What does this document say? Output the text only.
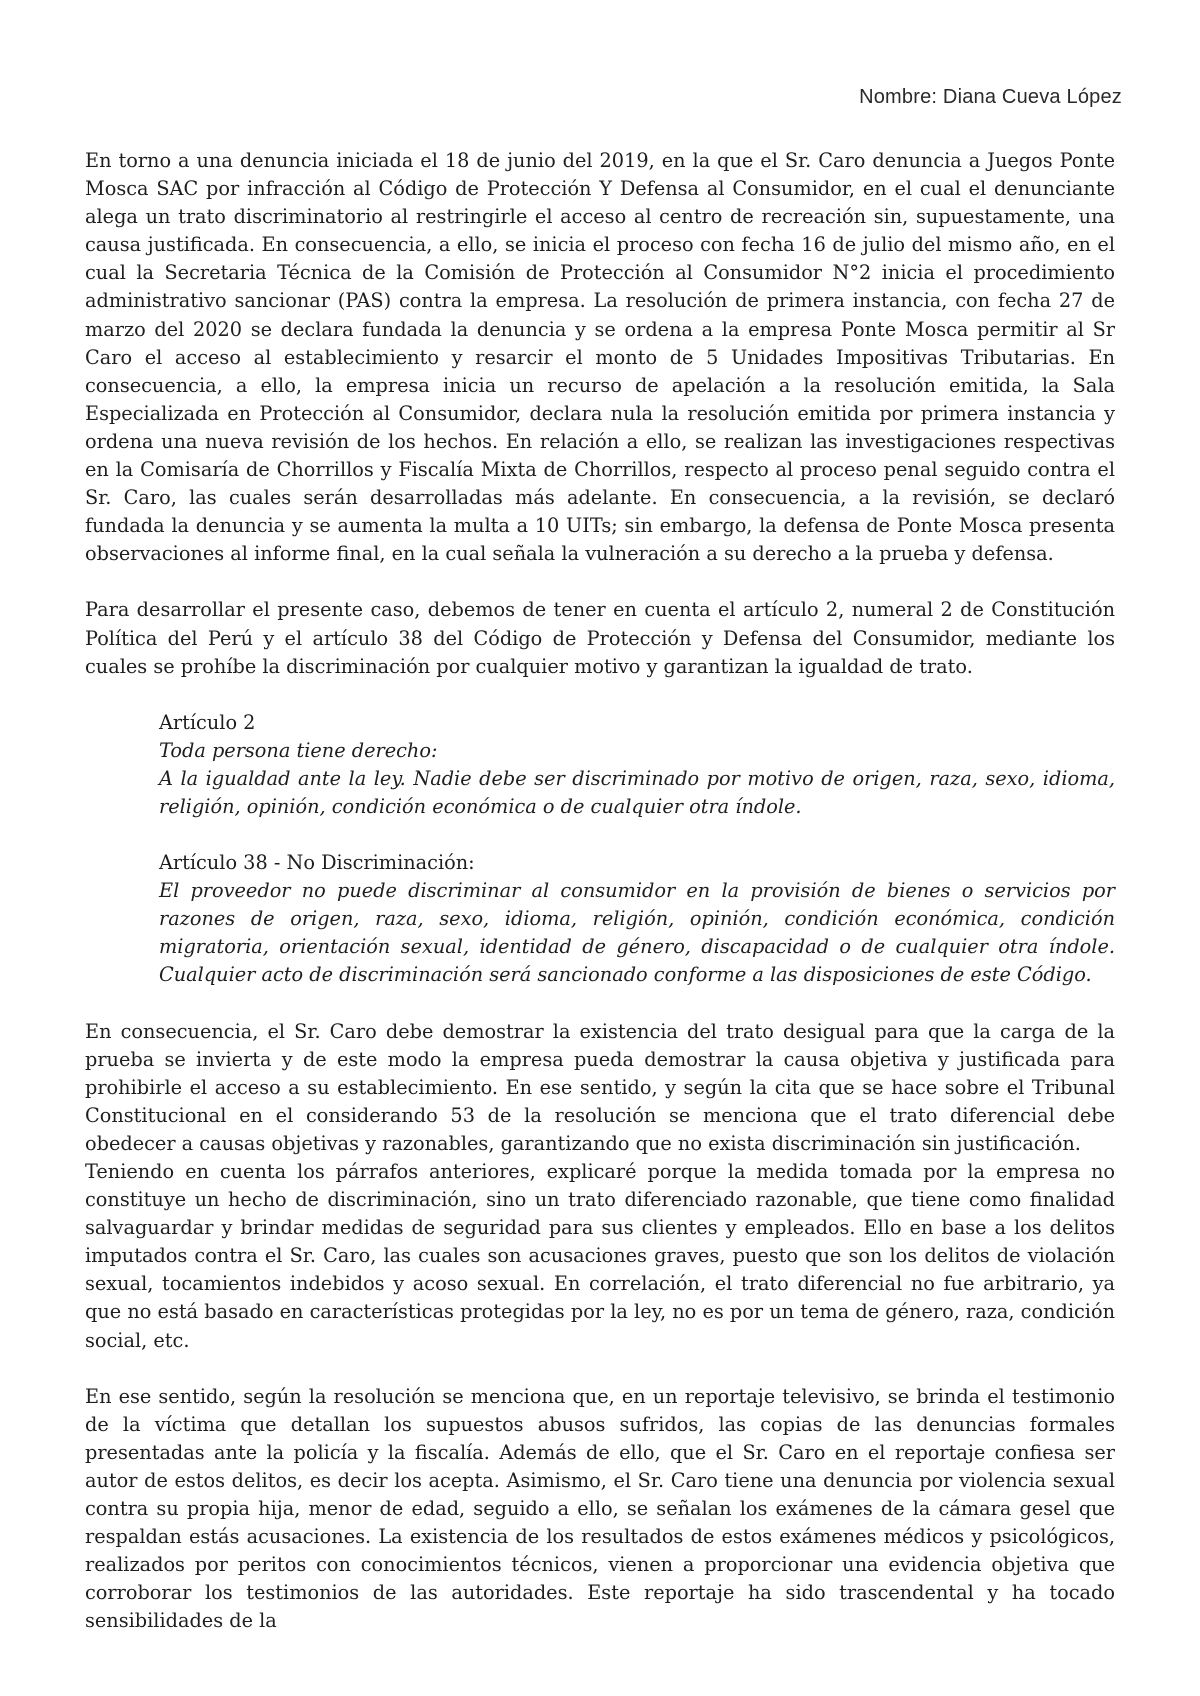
Nombre: Diana Cueva López

En torno a una denuncia iniciada el 18 de junio del 2019, en la que el Sr. Caro denuncia a Juegos Ponte Mosca SAC por infracción al Código de Protección Y Defensa al Consumidor, en el cual el denunciante alega un trato discriminatorio al restringirle el acceso al centro de recreación sin, supuestamente, una causa justificada. En consecuencia, a ello, se inicia el proceso con fecha 16 de julio del mismo año, en el cual la Secretaria Técnica de la Comisión de Protección al Consumidor N°2 inicia el procedimiento administrativo sancionar (PAS) contra la empresa. La resolución de primera instancia, con fecha 27 de marzo del 2020 se declara fundada la denuncia y se ordena a la empresa Ponte Mosca permitir al Sr Caro el acceso al establecimiento y resarcir el monto de 5 Unidades Impositivas Tributarias. En consecuencia, a ello, la empresa inicia un recurso de apelación a la resolución emitida, la Sala Especializada en Protección al Consumidor, declara nula la resolución emitida por primera instancia y ordena una nueva revisión de los hechos. En relación a ello, se realizan las investigaciones respectivas en la Comisaría de Chorrillos y Fiscalía Mixta de Chorrillos, respecto al proceso penal seguido contra el Sr. Caro, las cuales serán desarrolladas más adelante. En consecuencia, a la revisión, se declaró fundada la denuncia y se aumenta la multa a 10 UITs; sin embargo, la defensa de Ponte Mosca presenta observaciones al informe final, en la cual señala la vulneración a su derecho a la prueba y defensa.

Para desarrollar el presente caso, debemos de tener en cuenta el artículo 2, numeral 2 de Constitución Política del Perú y el artículo 38 del Código de Protección y Defensa del Consumidor, mediante los cuales se prohíbe la discriminación por cualquier motivo y garantizan la igualdad de trato.

Artículo 2

Toda persona tiene derecho:

A la igualdad ante la ley. Nadie debe ser discriminado por motivo de origen, raza, sexo, idioma, religión, opinión, condición económica o de cualquier otra índole.

Artículo 38 - No Discriminación:

El proveedor no puede discriminar al consumidor en la provisión de bienes o servicios por razones de origen, raza, sexo, idioma, religión, opinión, condición económica, condición migratoria, orientación sexual, identidad de género, discapacidad o de cualquier otra índole. Cualquier acto de discriminación será sancionado conforme a las disposiciones de este Código.

En consecuencia, el Sr. Caro debe demostrar la existencia del trato desigual para que la carga de la prueba se invierta y de este modo la empresa pueda demostrar la causa objetiva y justificada para prohibirle el acceso a su establecimiento. En ese sentido, y según la cita que se hace sobre el Tribunal Constitucional en el considerando 53 de la resolución se menciona que el trato diferencial debe obedecer a causas objetivas y razonables, garantizando que no exista discriminación sin justificación.

Teniendo en cuenta los párrafos anteriores, explicaré porque la medida tomada por la empresa no constituye un hecho de discriminación, sino un trato diferenciado razonable, que tiene como finalidad salvaguardar y brindar medidas de seguridad para sus clientes y empleados. Ello en base a los delitos imputados contra el Sr. Caro, las cuales son acusaciones graves, puesto que son los delitos de violación sexual, tocamientos indebidos y acoso sexual. En correlación, el trato diferencial no fue arbitrario, ya que no está basado en características protegidas por la ley, no es por un tema de género, raza, condición social, etc.

En ese sentido, según la resolución se menciona que, en un reportaje televisivo, se brinda el testimonio de la víctima que detallan los supuestos abusos sufridos, las copias de las denuncias formales presentadas ante la policía y la fiscalía. Además de ello, que el Sr. Caro en el reportaje confiesa ser autor de estos delitos, es decir los acepta. Asimismo, el Sr. Caro tiene una denuncia por violencia sexual contra su propia hija, menor de edad, seguido a ello, se señalan los exámenes de la cámara gesel que respaldan estás acusaciones. La existencia de los resultados de estos exámenes médicos y psicológicos, realizados por peritos con conocimientos técnicos, vienen a proporcionar una evidencia objetiva que corroborar los testimonios de las autoridades. Este reportaje ha sido trascendental y ha tocado sensibilidades de la
